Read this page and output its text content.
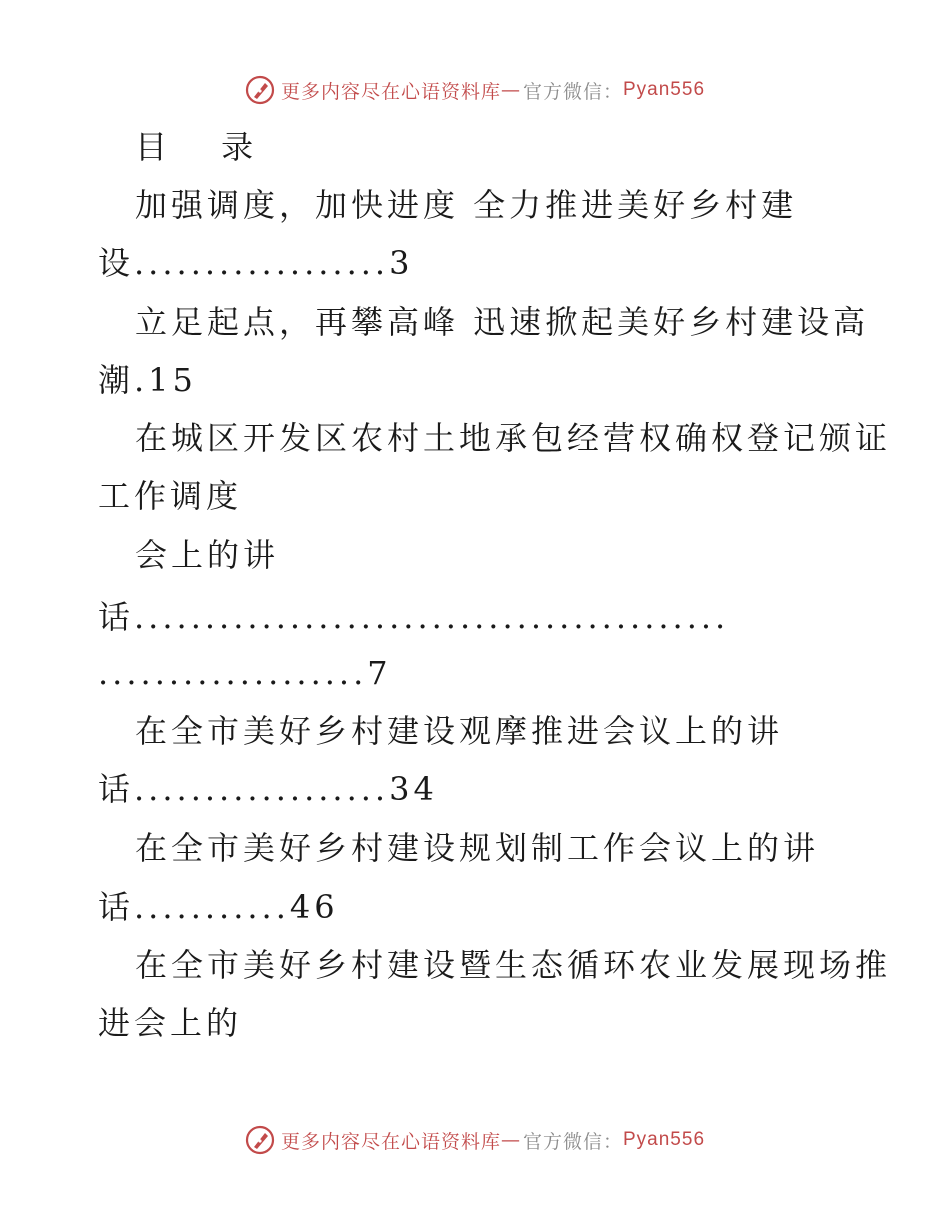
更多内容尽在心语资料库 — 官方微信： Pyan556
目 录
加强调度，加快进度 全力推进美好乡村建
设..................3
立足起点，再攀高峰 迅速掀起美好乡村建设高
潮.15
在城区开发区农村土地承包经营权确权登记颁证
工作调度
会上的讲
话..........................................
...................7
在全市美好乡村建设观摩推进会议上的讲
话..................34
在全市美好乡村建设规划制工作会议上的讲
话...........46
在全市美好乡村建设暨生态循环农业发展现场推
进会上的
更多内容尽在心语资料库 — 官方微信： Pyan556
